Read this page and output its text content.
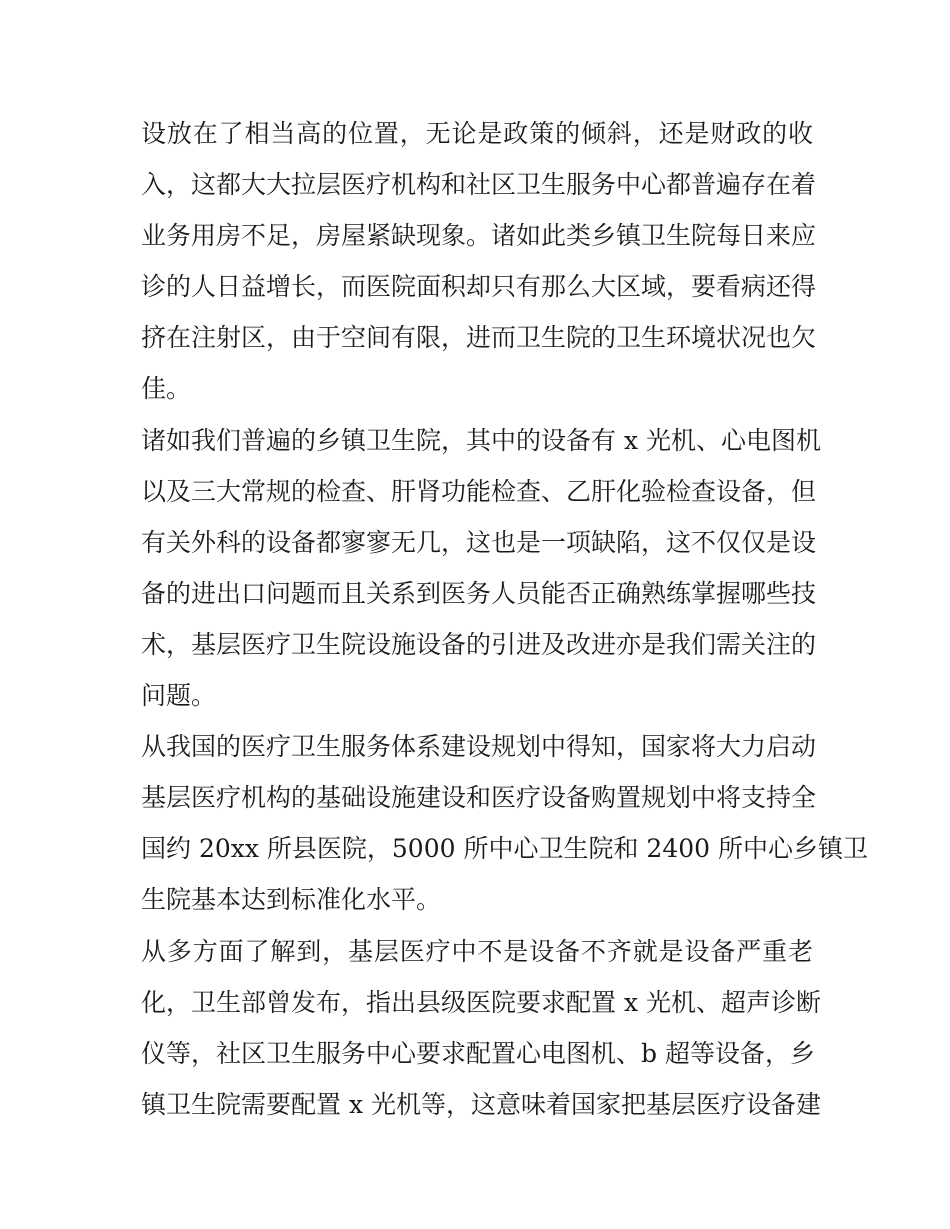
设放在了相当高的位置，无论是政策的倾斜，还是财政的收
入，这都大大拉层医疗机构和社区卫生服务中心都普遍存在着
业务用房不足，房屋紧缺现象。诸如此类乡镇卫生院每日来应
诊的人日益增长，而医院面积却只有那么大区域，要看病还得
挤在注射区，由于空间有限，进而卫生院的卫生环境状况也欠
佳。
诸如我们普遍的乡镇卫生院，其中的设备有 x 光机、心电图机
以及三大常规的检查、肝肾功能检查、乙肝化验检查设备，但
有关外科的设备都寥寥无几，这也是一项缺陷，这不仅仅是设
备的进出口问题而且关系到医务人员能否正确熟练掌握哪些技
术，基层医疗卫生院设施设备的引进及改进亦是我们需关注的
问题。
从我国的医疗卫生服务体系建设规划中得知，国家将大力启动
基层医疗机构的基础设施建设和医疗设备购置规划中将支持全
国约 20xx 所县医院，5000 所中心卫生院和 2400 所中心乡镇卫
生院基本达到标准化水平。
从多方面了解到，基层医疗中不是设备不齐就是设备严重老
化，卫生部曾发布，指出县级医院要求配置 x 光机、超声诊断
仪等，社区卫生服务中心要求配置心电图机、b 超等设备，乡
镇卫生院需要配置 x 光机等，这意味着国家把基层医疗设备建
